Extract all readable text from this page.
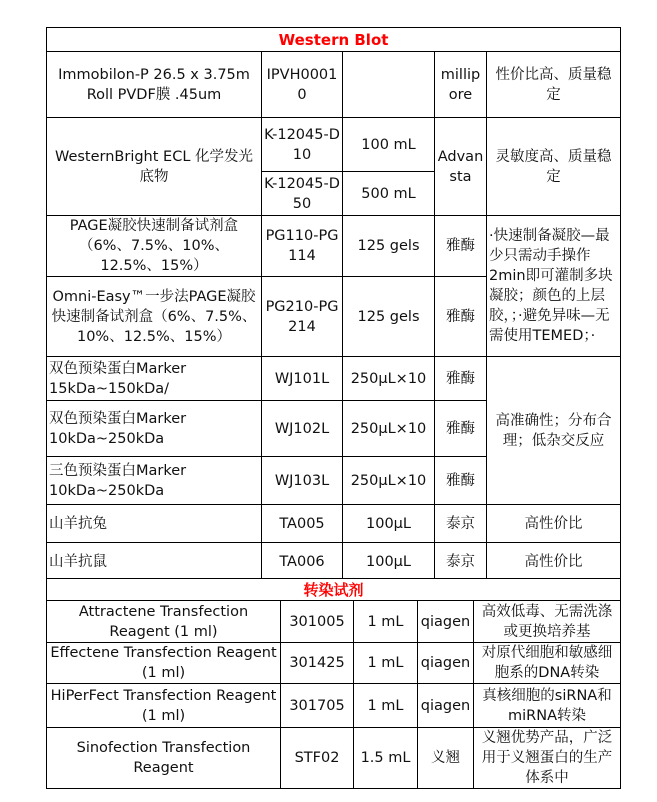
Western Blot				
Immobilon-P 26.5 x 3.75m Roll PVDF膜 .45um	IPVH00010		millipore	性价比高、质量稳定
WesternBright ECL 化学发光底物	K-12045-D10	100 mL	Advansta	灵敏度高、质量稳定
	K-12045-D50	500 mL		
PAGE凝胶快速制备试剂盒（6%、7.5%、10%、12.5%、15%）	PG110-PG114	125 gels	雅酶	·快速制备凝胶—最少只需动手操作2min即可灌制多块凝胶；颜色的上层胶，；·避免异味—无需使用TEMED；·
Omni-Easy™一步法PAGE凝胶快速制备试剂盒（6%、7.5%、10%、12.5%、15%）	PG210-PG214	125 gels	雅酶	
双色预染蛋白Marker 15kDa~150kDa/	WJ101L	250μL×10	雅酶	高准确性；分布合理；低杂交反应
双色预染蛋白Marker 10kDa~250kDa	WJ102L	250μL×10	雅酶	
三色预染蛋白Marker 10kDa~250kDa	WJ103L	250μL×10	雅酶	
山羊抗兔	TA005	100μL	泰京	高性价比
山羊抗鼠	TA006	100μL	泰京	高性价比
转染试剂				
Attractene Transfection Reagent (1 ml)	301005	1 mL	qiagen	高效低毒、无需洗涤或更换培养基
Effectene Transfection Reagent (1 ml)	301425	1 mL	qiagen	对原代细胞和敏感细胞系的DNA转染
HiPerFect Transfection Reagent (1 ml)	301705	1 mL	qiagen	真核细胞的siRNA和miRNA转染
Sinofection Transfection Reagent	STF02	1.5 mL	义翘	义翘优势产品，广泛用于义翘蛋白的生产体系中
